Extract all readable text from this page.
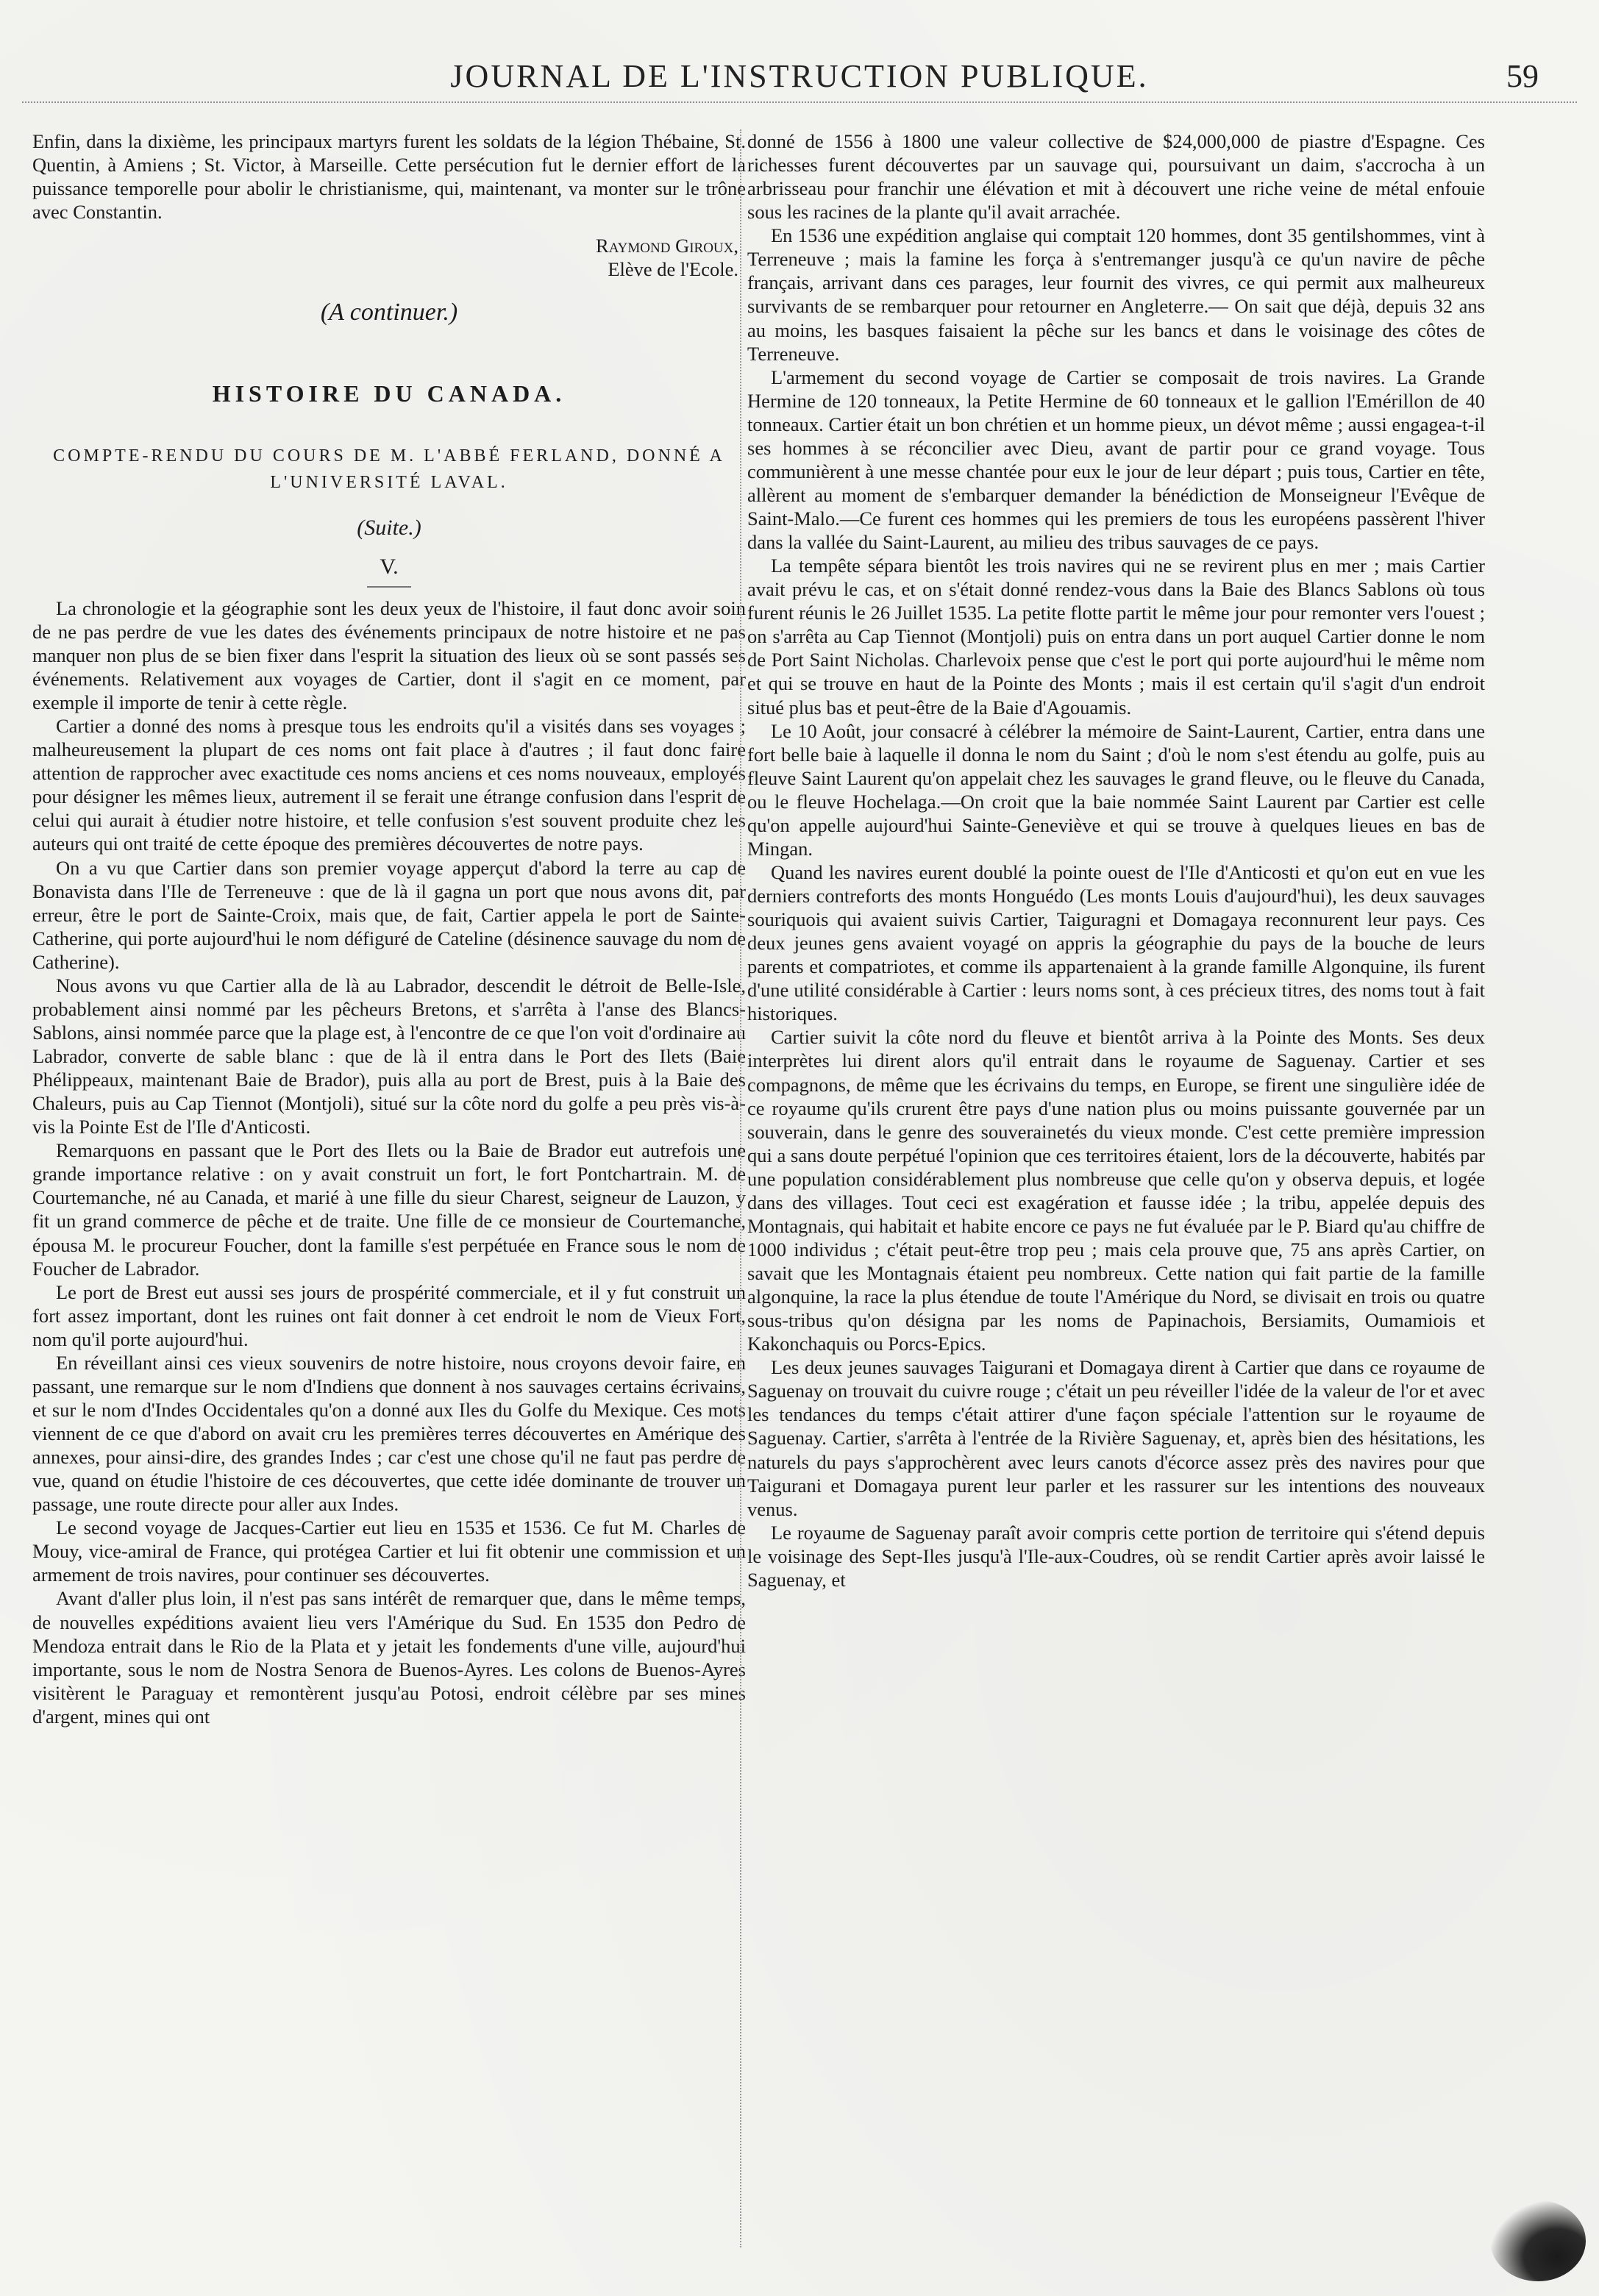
JOURNAL DE L'INSTRUCTION PUBLIQUE.	59

Enfin, dans la dixième, les principaux martyrs furent les soldats de la légion Thébaine, St. Quentin, à Amiens ; St. Victor, à Marseille. Cette persécution fut le dernier effort de la puissance temporelle pour abolir le christianisme, qui, maintenant, va monter sur le trône avec Constantin.

Raymond Giroux,
Elève de l'Ecole.
(A continuer.)
HISTOIRE DU CANADA.
COMPTE-RENDU DU COURS DE M. L'ABBÉ FERLAND, DONNÉ A L'UNIVERSITÉ LAVAL.
(Suite.)
V.

La chronologie et la géographie sont les deux yeux de l'histoire, il faut donc avoir soin de ne pas perdre de vue les dates des événements principaux de notre histoire et ne pas manquer non plus de se bien fixer dans l'esprit la situation des lieux où se sont passés ses événements. Relativement aux voyages de Cartier, dont il s'agit en ce moment, par exemple il importe de tenir à cette règle.

Cartier a donné des noms à presque tous les endroits qu'il a visités dans ses voyages ; malheureusement la plupart de ces noms ont fait place à d'autres ; il faut donc faire attention de rapprocher avec exactitude ces noms anciens et ces noms nouveaux, employés pour désigner les mêmes lieux, autrement il se ferait une étrange confusion dans l'esprit de celui qui aurait à étudier notre histoire, et telle confusion s'est souvent produite chez les auteurs qui ont traité de cette époque des premières découvertes de notre pays.

On a vu que Cartier dans son premier voyage apperçut d'abord la terre au cap de Bonavista dans l'Ile de Terreneuve : que de là il gagna un port que nous avons dit, par erreur, être le port de Sainte-Croix, mais que, de fait, Cartier appela le port de Sainte-Catherine, qui porte aujourd'hui le nom défiguré de Cateline (désinence sauvage du nom de Catherine).

Nous avons vu que Cartier alla de là au Labrador, descendit le détroit de Belle-Isle, probablement ainsi nommé par les pêcheurs Bretons, et s'arrêta à l'anse des Blancs-Sablons, ainsi nommée parce que la plage est, à l'encontre de ce que l'on voit d'ordinaire au Labrador, converte de sable blanc : que de là il entra dans le Port des Ilets (Baie Phélippeaux, maintenant Baie de Brador), puis alla au port de Brest, puis à la Baie des Chaleurs, puis au Cap Tiennot (Montjoli), situé sur la côte nord du golfe a peu près vis-à-vis la Pointe Est de l'Ile d'Anticosti.

Remarquons en passant que le Port des Ilets ou la Baie de Brador eut autrefois une grande importance relative : on y avait construit un fort, le fort Pontchartrain. M. de Courtemanche, né au Canada, et marié à une fille du sieur Charest, seigneur de Lauzon, y fit un grand commerce de pêche et de traite. Une fille de ce monsieur de Courtemanche, épousa M. le procureur Foucher, dont la famille s'est perpétuée en France sous le nom de Foucher de Labrador.

Le port de Brest eut aussi ses jours de prospérité commerciale, et il y fut construit un fort assez important, dont les ruines ont fait donner à cet endroit le nom de Vieux Fort, nom qu'il porte aujourd'hui.

En réveillant ainsi ces vieux souvenirs de notre histoire, nous croyons devoir faire, en passant, une remarque sur le nom d'Indiens que donnent à nos sauvages certains écrivains, et sur le nom d'Indes Occidentales qu'on a donné aux Iles du Golfe du Mexique. Ces mots viennent de ce que d'abord on avait cru les premières terres découvertes en Amérique des annexes, pour ainsi-dire, des grandes Indes ; car c'est une chose qu'il ne faut pas perdre de vue, quand on étudie l'histoire de ces découvertes, que cette idée dominante de trouver un passage, une route directe pour aller aux Indes.

Le second voyage de Jacques-Cartier eut lieu en 1535 et 1536. Ce fut M. Charles de Mouy, vice-amiral de France, qui protégea Cartier et lui fit obtenir une commission et un armement de trois navires, pour continuer ses découvertes.

Avant d'aller plus loin, il n'est pas sans intérêt de remarquer que, dans le même temps, de nouvelles expéditions avaient lieu vers l'Amérique du Sud. En 1535 don Pedro de Mendoza entrait dans le Rio de la Plata et y jetait les fondements d'une ville, aujourd'hui importante, sous le nom de Nostra Senora de Buenos-Ayres. Les colons de Buenos-Ayres visitèrent le Paraguay et remontèrent jusqu'au Potosi, endroit célèbre par ses mines d'argent, mines qui ont

donné de 1556 à 1800 une valeur collective de $24,000,000 de piastre d'Espagne. Ces richesses furent découvertes par un sauvage qui, poursuivant un daim, s'accrocha à un arbrisseau pour franchir une élévation et mit à découvert une riche veine de métal enfouie sous les racines de la plante qu'il avait arrachée.

En 1536 une expédition anglaise qui comptait 120 hommes, dont 35 gentilshommes, vint à Terreneuve ; mais la famine les força à s'entremanger jusqu'à ce qu'un navire de pêche français, arrivant dans ces parages, leur fournit des vivres, ce qui permit aux malheureux survivants de se rembarquer pour retourner en Angleterre.— On sait que déjà, depuis 32 ans au moins, les basques faisaient la pêche sur les bancs et dans le voisinage des côtes de Terreneuve.

L'armement du second voyage de Cartier se composait de trois navires. La Grande Hermine de 120 tonneaux, la Petite Hermine de 60 tonneaux et le gallion l'Emérillon de 40 tonneaux. Cartier était un bon chrétien et un homme pieux, un dévot même ; aussi engagea-t-il ses hommes à se réconcilier avec Dieu, avant de partir pour ce grand voyage. Tous communièrent à une messe chantée pour eux le jour de leur départ ; puis tous, Cartier en tête, allèrent au moment de s'embarquer demander la bénédiction de Monseigneur l'Evêque de Saint-Malo.—Ce furent ces hommes qui les premiers de tous les européens passèrent l'hiver dans la vallée du Saint-Laurent, au milieu des tribus sauvages de ce pays.

La tempête sépara bientôt les trois navires qui ne se revirent plus en mer ; mais Cartier avait prévu le cas, et on s'était donné rendez-vous dans la Baie des Blancs Sablons où tous furent réunis le 26 Juillet 1535. La petite flotte partit le même jour pour remonter vers l'ouest ; on s'arrêta au Cap Tiennot (Montjoli) puis on entra dans un port auquel Cartier donne le nom de Port Saint Nicholas. Charlevoix pense que c'est le port qui porte aujourd'hui le même nom et qui se trouve en haut de la Pointe des Monts ; mais il est certain qu'il s'agit d'un endroit situé plus bas et peut-être de la Baie d'Agouamis.

Le 10 Août, jour consacré à célébrer la mémoire de Saint-Laurent, Cartier, entra dans une fort belle baie à laquelle il donna le nom du Saint ; d'où le nom s'est étendu au golfe, puis au fleuve Saint Laurent qu'on appelait chez les sauvages le grand fleuve, ou le fleuve du Canada, ou le fleuve Hochelaga.—On croit que la baie nommée Saint Laurent par Cartier est celle qu'on appelle aujourd'hui Sainte-Geneviève et qui se trouve à quelques lieues en bas de Mingan.

Quand les navires eurent doublé la pointe ouest de l'Ile d'Anticosti et qu'on eut en vue les derniers contreforts des monts Honguédo (Les monts Louis d'aujourd'hui), les deux sauvages souriquois qui avaient suivis Cartier, Taiguragni et Domagaya reconnurent leur pays. Ces deux jeunes gens avaient voyagé on appris la géographie du pays de la bouche de leurs parents et compatriotes, et comme ils appartenaient à la grande famille Algonquine, ils furent d'une utilité considérable à Cartier : leurs noms sont, à ces précieux titres, des noms tout à fait historiques.

Cartier suivit la côte nord du fleuve et bientôt arriva à la Pointe des Monts. Ses deux interprètes lui dirent alors qu'il entrait dans le royaume de Saguenay. Cartier et ses compagnons, de même que les écrivains du temps, en Europe, se firent une singulière idée de ce royaume qu'ils crurent être pays d'une nation plus ou moins puissante gouvernée par un souverain, dans le genre des souverainetés du vieux monde. C'est cette première impression qui a sans doute perpétué l'opinion que ces territoires étaient, lors de la découverte, habités par une population considérablement plus nombreuse que celle qu'on y observa depuis, et logée dans des villages. Tout ceci est exagération et fausse idée ; la tribu, appelée depuis des Montagnais, qui habitait et habite encore ce pays ne fut évaluée par le P. Biard qu'au chiffre de 1000 individus ; c'était peut-être trop peu ; mais cela prouve que, 75 ans après Cartier, on savait que les Montagnais étaient peu nombreux. Cette nation qui fait partie de la famille algonquine, la race la plus étendue de toute l'Amérique du Nord, se divisait en trois ou quatre sous-tribus qu'on désigna par les noms de Papinachois, Bersiamits, Oumamiois et Kakonchaquis ou Porcs-Epics.

Les deux jeunes sauvages Taigurani et Domagaya dirent à Cartier que dans ce royaume de Saguenay on trouvait du cuivre rouge ; c'était un peu réveiller l'idée de la valeur de l'or et avec les tendances du temps c'était attirer d'une façon spéciale l'attention sur le royaume de Saguenay. Cartier, s'arrêta à l'entrée de la Rivière Saguenay, et, après bien des hésitations, les naturels du pays s'approchèrent avec leurs canots d'écorce assez près des navires pour que Taigurani et Domagaya purent leur parler et les rassurer sur les intentions des nouveaux venus.

Le royaume de Saguenay paraît avoir compris cette portion de territoire qui s'étend depuis le voisinage des Sept-Iles jusqu'à l'Ile-aux-Coudres, où se rendit Cartier après avoir laissé le Saguenay, et
